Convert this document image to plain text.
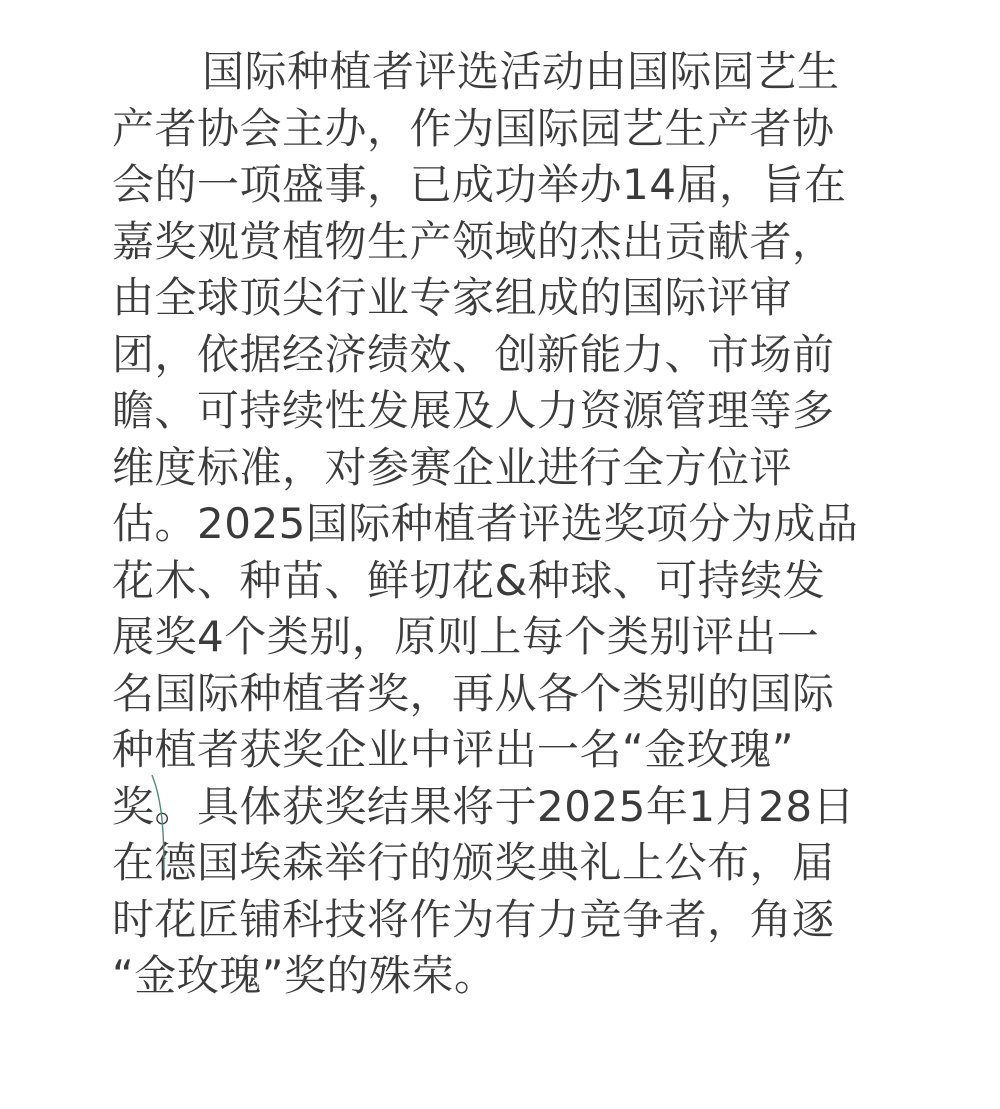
国际种植者评选活动由国际园艺生
产者协会主办，作为国际园艺生产者协
会的一项盛事，已成功举办14届，旨在
嘉奖观赏植物生产领域的杰出贡献者，
由全球顶尖行业专家组成的国际评审
团，依据经济绩效、创新能力、市场前
瞻、可持续性发展及人力资源管理等多
维度标准，对参赛企业进行全方位评
估。2025国际种植者评选奖项分为成品
花木、种苗、鲜切花&种球、可持续发
展奖4个类别，原则上每个类别评出一
名国际种植者奖，再从各个类别的国际
种植者获奖企业中评出一名“金玫瑰”
奖。具体获奖结果将于2025年1月28日
在德国埃森举行的颁奖典礼上公布，届
时花匠铺科技将作为有力竞争者，角逐
“金玫瑰”奖的殊荣。
